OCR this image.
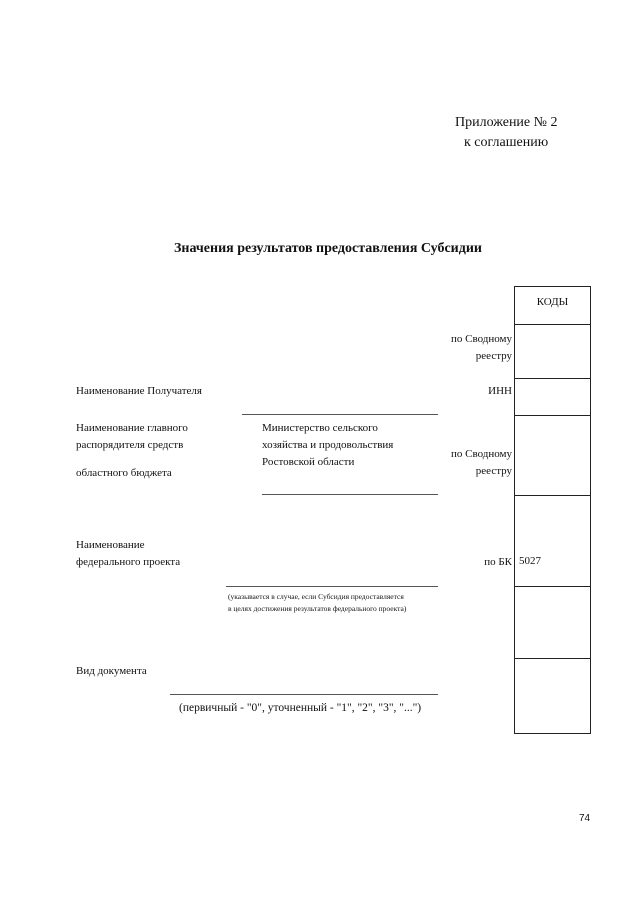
Приложение № 2
к соглашению
Значения результатов предоставления Субсидии
КОДЫ
5027
по Сводному
реестру
Наименование Получателя	ИНН
Наименование главного
распорядителя средств
областного бюджета
Министерство сельского
хозяйства и продовольствия
Ростовской области
по Сводному
реестру
Наименование
федерального проекта	по БК
(указывается в случае, если Субсидия предоставляется
в целях достижения результатов федерального проекта)
Вид документа
(первичный - "0", уточненный - "1", "2", "3", "...")
74
